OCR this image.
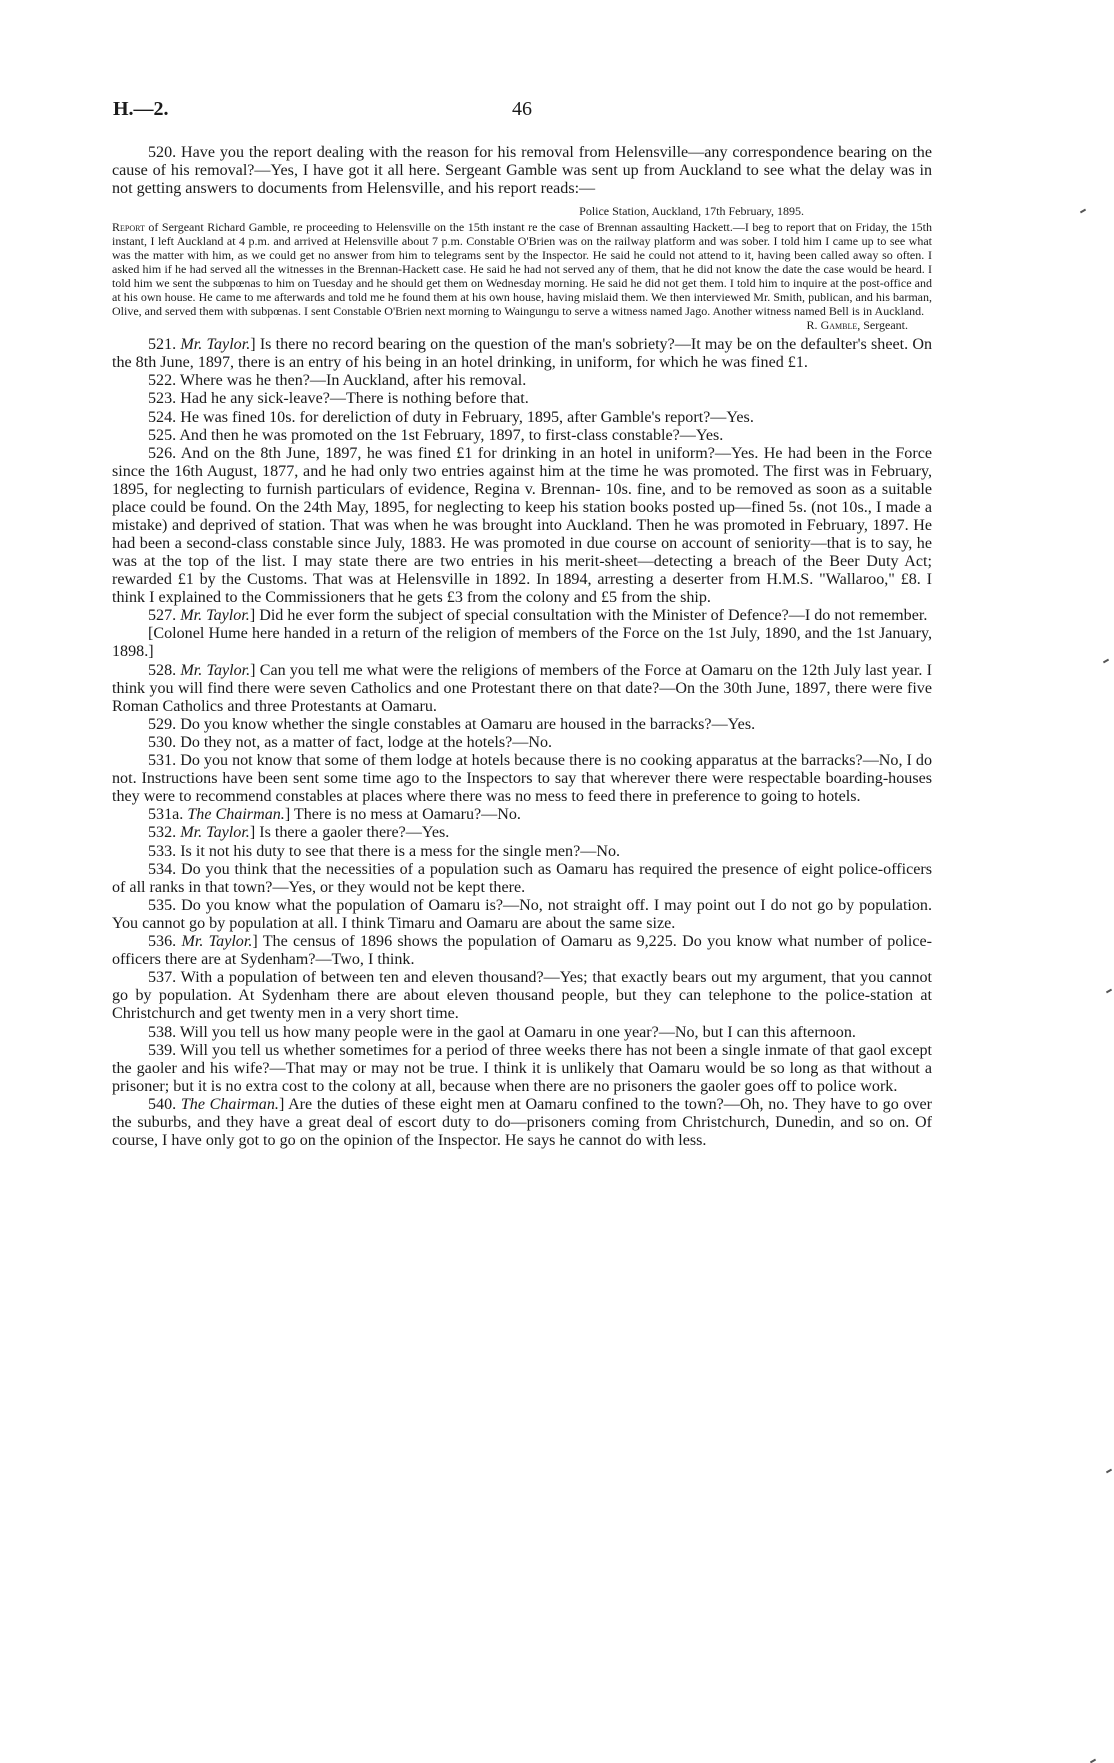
H.—2.	46

520. Have you the report dealing with the reason for his removal from Helensville—any correspondence bearing on the cause of his removal?—Yes, I have got it all here. Sergeant Gamble was sent up from Auckland to see what the delay was in not getting answers to documents from Helensville, and his report reads:—

Police Station, Auckland, 17th February, 1895.

Report of Sergeant Richard Gamble, re proceeding to Helensville on the 15th instant re the case of Brennan assaulting Hackett.—I beg to report that on Friday, the 15th instant, I left Auckland at 4 p.m. and arrived at Helensville about 7 p.m. Constable O'Brien was on the railway platform and was sober. I told him I came up to see what was the matter with him, as we could get no answer from him to telegrams sent by the Inspector. He said he could not attend to it, having been called away so often. I asked him if he had served all the witnesses in the Brennan-Hackett case. He said he had not served any of them, that he did not know the date the case would be heard. I told him we sent the subpœnas to him on Tuesday and he should get them on Wednesday morning. He said he did not get them. I told him to inquire at the post-office and at his own house. He came to me afterwards and told me he found them at his own house, having mislaid them. We then interviewed Mr. Smith, publican, and his barman, Olive, and served them with subpœnas. I sent Constable O'Brien next morning to Waingungu to serve a witness named Jago. Another witness named Bell is in Auckland.
R. Gamble, Sergeant.

521. Mr. Taylor.] Is there no record bearing on the question of the man's sobriety?—It may be on the defaulter's sheet. On the 8th June, 1897, there is an entry of his being in an hotel drinking, in uniform, for which he was fined £1.

522. Where was he then?—In Auckland, after his removal.

523. Had he any sick-leave?—There is nothing before that.

524. He was fined 10s. for dereliction of duty in February, 1895, after Gamble's report?—Yes.

525. And then he was promoted on the 1st February, 1897, to first-class constable?—Yes.

526. And on the 8th June, 1897, he was fined £1 for drinking in an hotel in uniform?—Yes. He had been in the Force since the 16th August, 1877, and he had only two entries against him at the time he was promoted. The first was in February, 1895, for neglecting to furnish particulars of evidence, Regina v. Brennan- 10s. fine, and to be removed as soon as a suitable place could be found. On the 24th May, 1895, for neglecting to keep his station books posted up—fined 5s. (not 10s., I made a mistake) and deprived of station. That was when he was brought into Auckland. Then he was promoted in February, 1897. He had been a second-class constable since July, 1883. He was promoted in due course on account of seniority—that is to say, he was at the top of the list. I may state there are two entries in his merit-sheet—detecting a breach of the Beer Duty Act; rewarded £1 by the Customs. That was at Helensville in 1892. In 1894, arresting a deserter from H.M.S. "Wallaroo," £8. I think I explained to the Commissioners that he gets £3 from the colony and £5 from the ship.

527. Mr. Taylor.] Did he ever form the subject of special consultation with the Minister of Defence?—I do not remember.

[Colonel Hume here handed in a return of the religion of members of the Force on the 1st July, 1890, and the 1st January, 1898.]

528. Mr. Taylor.] Can you tell me what were the religions of members of the Force at Oamaru on the 12th July last year. I think you will find there were seven Catholics and one Protestant there on that date?—On the 30th June, 1897, there were five Roman Catholics and three Protestants at Oamaru.

529. Do you know whether the single constables at Oamaru are housed in the barracks?—Yes.

530. Do they not, as a matter of fact, lodge at the hotels?—No.

531. Do you not know that some of them lodge at hotels because there is no cooking apparatus at the barracks?—No, I do not. Instructions have been sent some time ago to the Inspectors to say that wherever there were respectable boarding-houses they were to recommend constables at places where there was no mess to feed there in preference to going to hotels.

531a. The Chairman.] There is no mess at Oamaru?—No.

532. Mr. Taylor.] Is there a gaoler there?—Yes.

533. Is it not his duty to see that there is a mess for the single men?—No.

534. Do you think that the necessities of a population such as Oamaru has required the presence of eight police-officers of all ranks in that town?—Yes, or they would not be kept there.

535. Do you know what the population of Oamaru is?—No, not straight off. I may point out I do not go by population. You cannot go by population at all. I think Timaru and Oamaru are about the same size.

536. Mr. Taylor.] The census of 1896 shows the population of Oamaru as 9,225. Do you know what number of police-officers there are at Sydenham?—Two, I think.

537. With a population of between ten and eleven thousand?—Yes; that exactly bears out my argument, that you cannot go by population. At Sydenham there are about eleven thousand people, but they can telephone to the police-station at Christchurch and get twenty men in a very short time.

538. Will you tell us how many people were in the gaol at Oamaru in one year?—No, but I can this afternoon.

539. Will you tell us whether sometimes for a period of three weeks there has not been a single inmate of that gaol except the gaoler and his wife?—That may or may not be true. I think it is unlikely that Oamaru would be so long as that without a prisoner; but it is no extra cost to the colony at all, because when there are no prisoners the gaoler goes off to police work.

540. The Chairman.] Are the duties of these eight men at Oamaru confined to the town?—Oh, no. They have to go over the suburbs, and they have a great deal of escort duty to do—prisoners coming from Christchurch, Dunedin, and so on. Of course, I have only got to go on the opinion of the Inspector. He says he cannot do with less.
